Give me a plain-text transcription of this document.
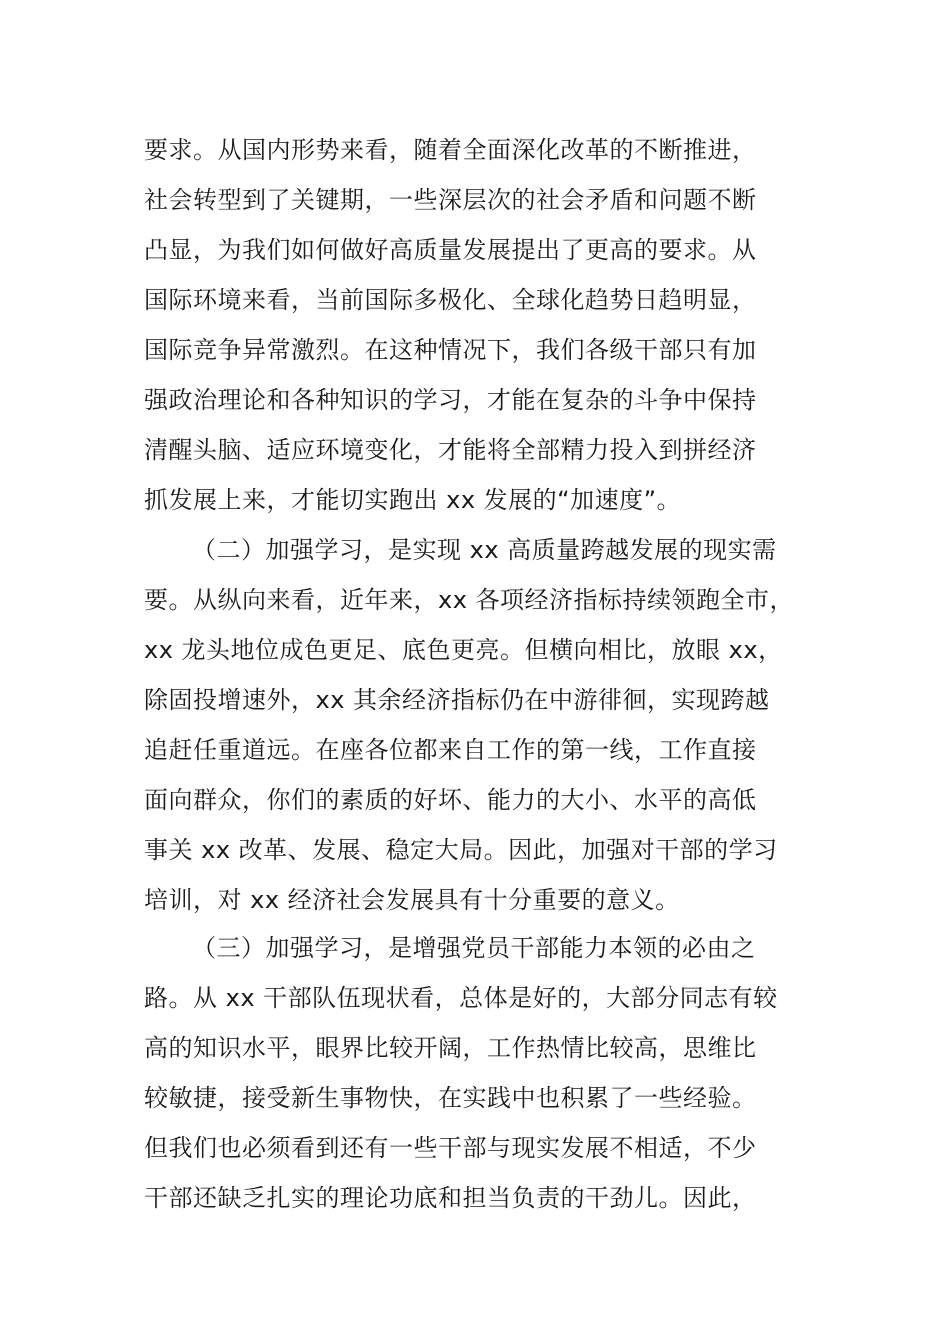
要求。从国内形势来看，随着全面深化改革的不断推进，
社会转型到了关键期，一些深层次的社会矛盾和问题不断
凸显，为我们如何做好高质量发展提出了更高的要求。从
国际环境来看，当前国际多极化、全球化趋势日趋明显，
国际竞争异常激烈。在这种情况下，我们各级干部只有加
强政治理论和各种知识的学习，才能在复杂的斗争中保持
清醒头脑、适应环境变化，才能将全部精力投入到拼经济
抓发展上来，才能切实跑出 xx 发展的“加速度”。
（二）加强学习，是实现 xx 高质量跨越发展的现实需
要。从纵向来看，近年来，xx 各项经济指标持续领跑全市，
xx 龙头地位成色更足、底色更亮。但横向相比，放眼 xx，
除固投增速外，xx 其余经济指标仍在中游徘徊，实现跨越
追赶任重道远。在座各位都来自工作的第一线，工作直接
面向群众，你们的素质的好坏、能力的大小、水平的高低
事关 xx 改革、发展、稳定大局。因此，加强对干部的学习
培训，对 xx 经济社会发展具有十分重要的意义。
（三）加强学习，是增强党员干部能力本领的必由之
路。从 xx 干部队伍现状看，总体是好的，大部分同志有较
高的知识水平，眼界比较开阔，工作热情比较高，思维比
较敏捷，接受新生事物快，在实践中也积累了一些经验。
但我们也必须看到还有一些干部与现实发展不相适，不少
干部还缺乏扎实的理论功底和担当负责的干劲儿。因此，
